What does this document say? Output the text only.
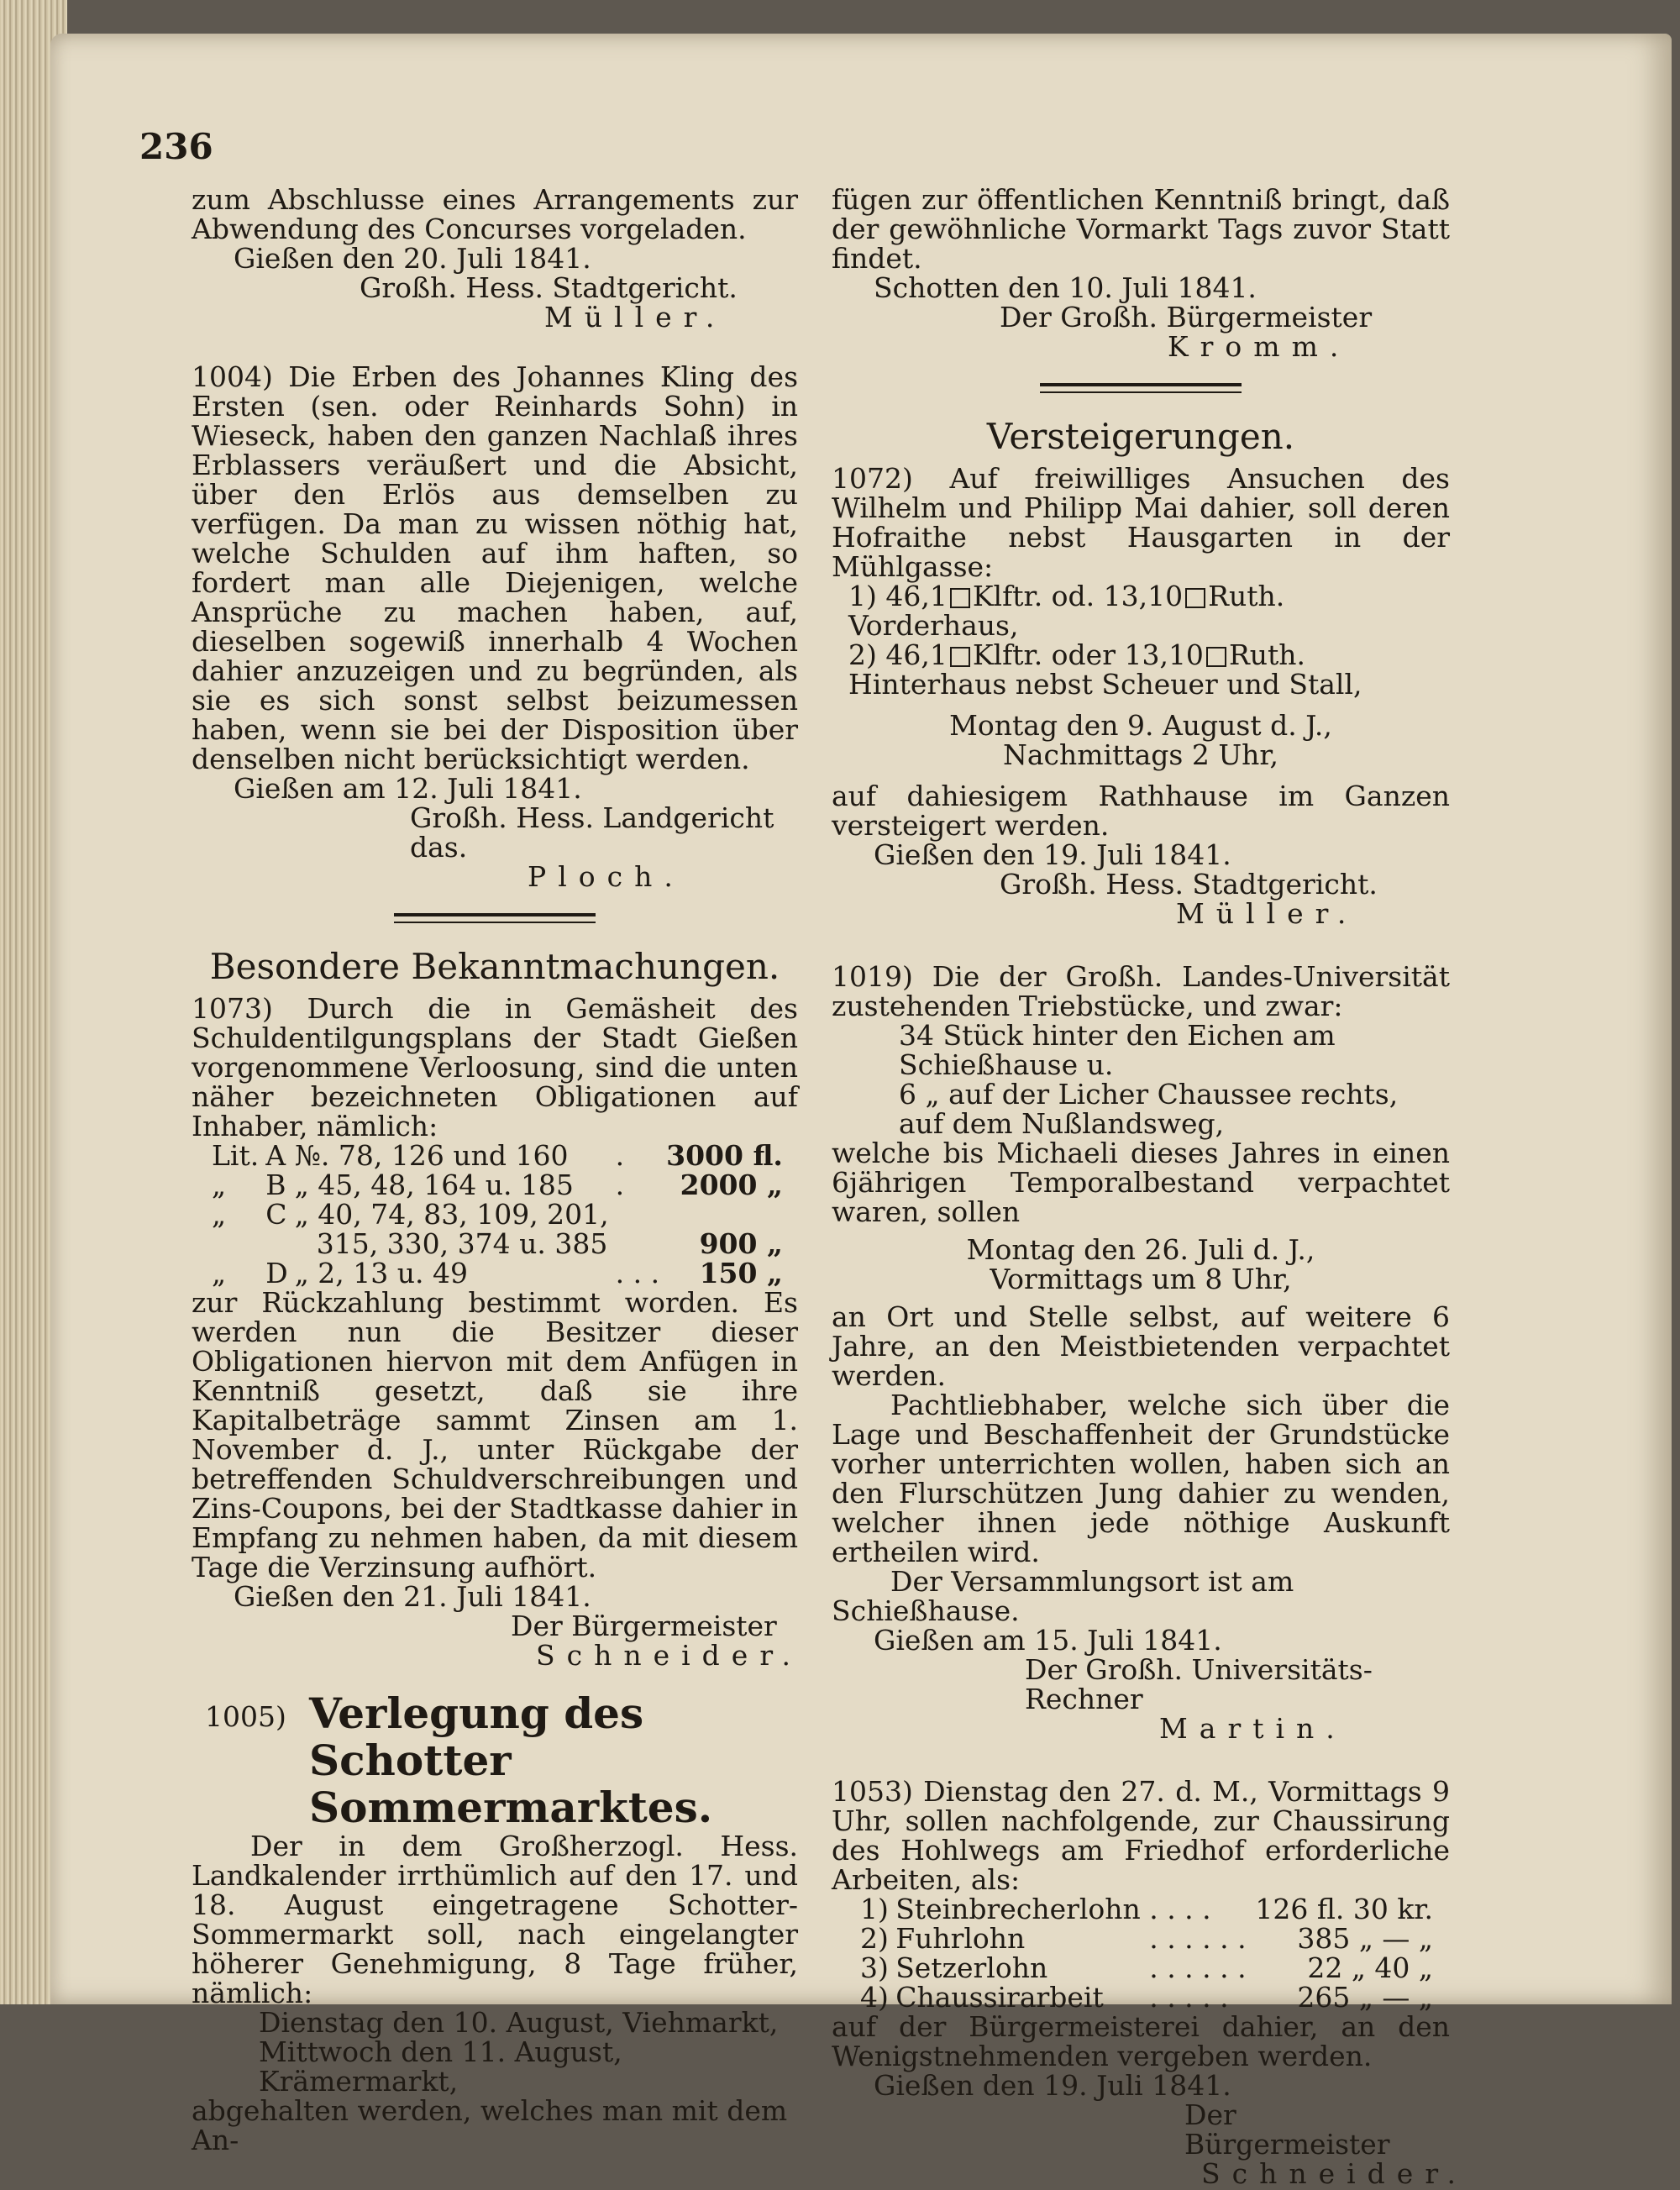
236

zum Abschlusse eines Arrangements zur Abwendung des Concurses vorgeladen.

Gießen den 20. Juli 1841.

Großh. Hess. Stadtgericht.

Müller.

1004) Die Erben des Johannes Kling des Ersten (sen. oder Reinhards Sohn) in Wieseck, haben den ganzen Nachlaß ihres Erblassers veräußert und die Absicht, über den Erlös aus demselben zu verfügen. Da man zu wissen nöthig hat, welche Schulden auf ihm haften, so fordert man alle Diejenigen, welche Ansprüche zu machen haben, auf, dieselben sogewiß innerhalb 4 Wochen dahier anzuzeigen und zu begründen, als sie es sich sonst selbst beizumessen haben, wenn sie bei der Disposition über denselben nicht berücksichtigt werden.

Gießen am 12. Juli 1841.

Großh. Hess. Landgericht das.

Ploch.

Besondere Bekanntmachungen.

1073) Durch die in Gemäsheit des Schuldentilgungsplans der Stadt Gießen vorgenommene Verloosung, sind die unten näher bezeichneten Obligationen auf Inhaber, nämlich:

Lit.	A	№. 78, 126 und 160	.	3000 fl.
„	B	„ 45, 48, 164 u. 185	.	2000 „
„	C	„ 40, 74, 83, 109, 201,		
		315, 330, 374 u. 385		900 „
„	D	„ 2, 13 u. 49	. . .	150 „

zur Rückzahlung bestimmt worden. Es werden nun die Besitzer dieser Obligationen hiervon mit dem Anfügen in Kenntniß gesetzt, daß sie ihre Kapitalbeträge sammt Zinsen am 1. November d. J., unter Rückgabe der betreffenden Schuldverschreibungen und Zins-Coupons, bei der Stadtkasse dahier in Empfang zu nehmen haben, da mit diesem Tage die Verzinsung aufhört.

Gießen den 21. Juli 1841.

Der Bürgermeister

Schneider.

1005) Verlegung des Schotter Sommermarktes.

Der in dem Großherzogl. Hess. Landkalender irrthümlich auf den 17. und 18. August eingetragene Schotter-Sommermarkt soll, nach eingelangter höherer Genehmigung, 8 Tage früher, nämlich:

Dienstag den 10. August, Viehmarkt,

Mittwoch den 11. August, Krämermarkt,

abgehalten werden, welches man mit dem An-

fügen zur öffentlichen Kenntniß bringt, daß der gewöhnliche Vormarkt Tags zuvor Statt findet.

Schotten den 10. Juli 1841.

Der Großh. Bürgermeister

Kromm.

Versteigerungen.

1072) Auf freiwilliges Ansuchen des Wilhelm und Philipp Mai dahier, soll deren Hofraithe nebst Hausgarten in der Mühlgasse:

1) 46,1 Klftr. od. 13,10 Ruth. Vorderhaus,

2) 46,1 Klftr. oder 13,10 Ruth. Hinterhaus nebst Scheuer und Stall,

Montag den 9. August d. J.,

Nachmittags 2 Uhr,

auf dahiesigem Rathhause im Ganzen versteigert werden.

Gießen den 19. Juli 1841.

Großh. Hess. Stadtgericht.

Müller.

1019) Die der Großh. Landes-Universität zustehenden Triebstücke, und zwar:

34 Stück hinter den Eichen am Schießhause u.

6 „ auf der Licher Chaussee rechts, auf dem Nußlandsweg,

welche bis Michaeli dieses Jahres in einen 6jährigen Temporalbestand verpachtet waren, sollen

Montag den 26. Juli d. J.,

Vormittags um 8 Uhr,

an Ort und Stelle selbst, auf weitere 6 Jahre, an den Meistbietenden verpachtet werden.

Pachtliebhaber, welche sich über die Lage und Beschaffenheit der Grundstücke vorher unterrichten wollen, haben sich an den Flurschützen Jung dahier zu wenden, welcher ihnen jede nöthige Auskunft ertheilen wird.

Der Versammlungsort ist am Schießhause.

Gießen am 15. Juli 1841.

Der Großh. Universitäts-Rechner

Martin.

1053) Dienstag den 27. d. M., Vormittags 9 Uhr, sollen nachfolgende, zur Chaussirung des Hohlwegs am Friedhof erforderliche Arbeiten, als:

1)	Steinbrecherlohn	. . . .	126 fl. 30 kr.
2)	Fuhrlohn	. . . . . .	385 „ — „
3)	Setzerlohn	. . . . . .	22 „ 40 „
4)	Chaussirarbeit	. . . . .	265 „ — „

auf der Bürgermeisterei dahier, an den Wenigstnehmenden vergeben werden.

Gießen den 19. Juli 1841.

Der Bürgermeister

Schneider.
